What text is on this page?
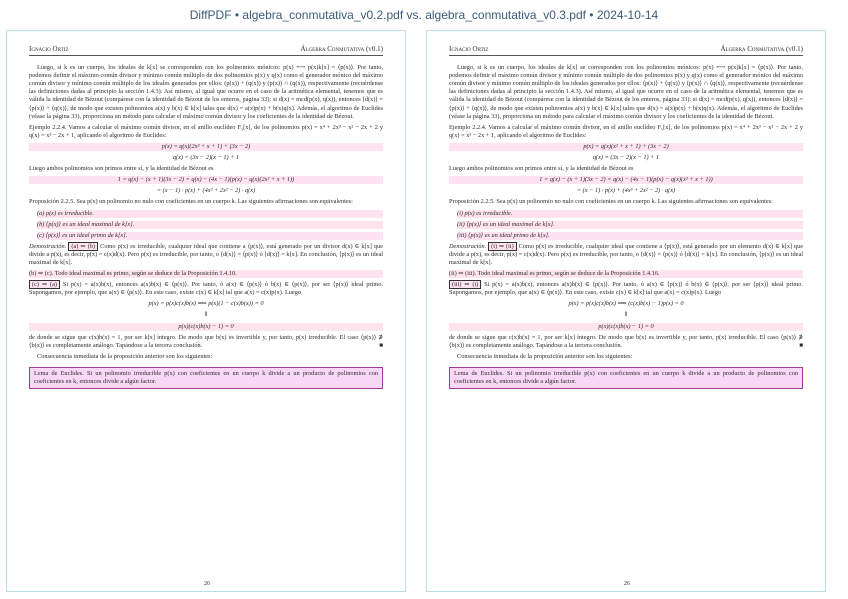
DiffPDF • algebra_conmutativa_v0.2.pdf vs. algebra_conmutativa_v0.3.pdf • 2024-10-14
Ignacio Ortiz	Álgebra Conmutativa (v0.1)

Luego, si k es un cuerpo, los ideales de k[x] se corresponden con los polinomios mónicos: p(x) ⟷ p(x)k[x] = ⟨p(x)⟩. Por tanto, podemos definir el máximo común divisor y mínimo común múltiplo de dos polinomios p(x) y q(x) como el generador mónico del máximo común divisor y mínimo común múltiplo de los ideales generados por ellos: (p(x)) + (q(x)) y (p(x)) ∩ (q(x)), respectivamente (recuérdense las definiciones dadas al principio la sección 1.4.3). Así mismo, al igual que ocurre en el caso de la aritmética elemental, tenemos que es válida la identidad de Bézout (compárese con la identidad de Bézout de los enteros, página 33): si d(x) = mcd(p(x), q(x)), entonces ⟨d(x)⟩ = ⟨p(x)⟩ + ⟨q(x)⟩, de modo que existen polinomios a(x) y b(x) ∈ k[x] tales que d(x) = a(x)p(x) + b(x)q(x). Además, el algoritmo de Euclides (véase la página 33), proporciona un método para calcular el máximo común divisor y los coeficientes de la identidad de Bézout.

Ejemplo 2.2.4. Vamos a calcular el máximo común divisor, en el anillo euclídeo F₅[x], de los polinomios p(x) = x⁴ + 2x³ − x² − 2x + 2 y q(x) = x³ − 2x + 1, aplicando el algoritmo de Euclides:

p(x) = q(x)(2x² + x + 1) + (3x − 2)
q(x) = (3x − 2)(x − 1) + 1

Luego ambos polinomios son primos entre sí, y la identidad de Bézout es

1 = q(x) − (x + 1)(3x − 2) = q(x) − (4x − 1)(p(x) − q(x)(2x² + x + 1))
= (x − 1) · p(x) + (4x³ + 2x² − 2) · q(x)

Proposición 2.2.5. Sea p(x) un polinomio no nulo con coeficientes en un cuerpo k. Las siguientes afirmaciones son equivalentes:

(a) p(x) es irreducible.
(b) ⟨p(x)⟩ es un ideal maximal de k[x].
(c) ⟨p(x)⟩ es un ideal primo de k[x].

Demostración. (a) ⇒ (b) Como p(x) es irreducible, cualquier ideal que contiene a ⟨p(x)⟩, está generado por un divisor d(x) ∈ k[x] que divide a p(x), es decir, p(x) = c(x)d(x). Pero p(x) es irreducible, por tanto, o ⟨d(x)⟩ = ⟨p(x)⟩ ó ⟨d(x)⟩ = k[x]. En conclusión, ⟨p(x)⟩ es un ideal maximal de k[x].

(b) ⇒ (c). Todo ideal maximal es primo, según se deduce de la Proposición 1.4.10.

(c) ⇒ (a) Si p(x) = a(x)b(x), entonces a(x)b(x) ∈ ⟨p(x)⟩. Por tanto, ó a(x) ∈ ⟨p(x)⟩ ó b(x) ∈ ⟨p(x)⟩, por ser ⟨p(x)⟩ ideal primo. Supongamos, por ejemplo, que a(x) ∈ ⟨p(x)⟩. En este caso, existe c(x) ∈ k[x] tal que a(x) = c(x)p(x). Luego

p(x) = p(x)c(x)b(x) ⟹ p(x)(1 − c(x)b(x)) = 0
⇓
p(x)(c(x)b(x) − 1) = 0

de donde se sigue que c(x)b(x) = 1, por ser k[x] íntegro. De modo que b(x) es invertible y, por tanto, p(x) irreducible. El caso ⟨p(x)⟩ ∌ ⟨b(x)⟩ es completamente análogo. Tapándose a la tercera conclusión.	■

Consecuencia inmediata de la proposición anterior son los siguientes:

Lema de Euclides. Si un polinomio irreducible p(x) con coeficientes en un cuerpo k divide a un producto de polinomios con coeficientes en k, entonces divide a algún factor.
26
Ignacio Ortiz	Álgebra Conmutativa (v0.1)

Luego, si k es un cuerpo, los ideales de k[x] se corresponden con los polinomios mónicos: p(x) ⟷ p(x)k[x] = ⟨p(x)⟩. Por tanto, podemos definir el máximo común divisor y mínimo común múltiplo de dos polinomios p(x) y q(x) como el generador mónico del máximo común divisor y mínimo común múltiplo de los ideales generados por ellos: ⟨p(x)⟩ + ⟨q(x)⟩ y ⟨p(x)⟩ ∩ ⟨q(x)⟩, respectivamente (recuérdense las definiciones dadas al principio la sección 1.4.3). Así mismo, al igual que ocurre en el caso de la aritmética elemental, tenemos que es válida la identidad de Bézout (compárese con la identidad de Bézout de los enteros, página 33): si d(x) = mcd(p(x), q(x)), entonces ⟨d(x)⟩ = ⟨p(x)⟩ + ⟨q(x)⟩, de modo que existen polinomios a(x) y b(x) ∈ k[x] tales que d(x) = a(x)p(x) + b(x)q(x). Además, el algoritmo de Euclides (véase la página 33), proporciona un método para calcular el máximo común divisor y los coeficientes de la identidad de Bézout.

Ejemplo 2.2.4. Vamos a calcular el máximo común divisor, en el anillo euclídeo F₅[x], de los polinomios p(x) = x⁴ + 2x³ − x² − 2x + 2 y q(x) = x³ − 2x + 1, aplicando el algoritmo de Euclides:

p(x) = q(x)(x² + x + 1) + (3x − 2)
q(x) = (3x − 2)(x − 1) + 1

Luego ambos polinomios son primos entre sí, y la identidad de Bézout es

1 = q(x) − (x + 1)(3x − 2) = q(x) − (4x − 1)(p(x) − q(x)(x² + x + 1))
= (x − 1) · p(x) + (4x³ + 2x² − 2) · q(x)

Proposición 2.2.5. Sea p(x) un polinomio no nulo con coeficientes en un cuerpo k. Las siguientes afirmaciones son equivalentes:

(i) p(x) es irreducible.
(ii) ⟨p(x)⟩ es un ideal maximal de k[x].
(iii) ⟨p(x)⟩ es un ideal primo de k[x].

Demostración. (i) ⇒ (ii) Como p(x) es irreducible, cualquier ideal que contiene a ⟨p(x)⟩, está generado por un elemento d(x) ∈ k[x] que divide a p(x), es decir, p(x) = c(x)d(x). Pero p(x) es irreducible, por tanto, o ⟨d(x)⟩ = ⟨p(x)⟩ ó ⟨d(x)⟩ = k[x]. En conclusión, ⟨p(x)⟩ es un ideal maximal de k[x].

(ii) ⇒ (iii). Todo ideal maximal es primo, según se deduce de la Proposición 1.4.16.

(iii) ⇒ (i) Si p(x) = a(x)b(x), entonces a(x)b(x) ∈ ⟨p(x)⟩. Por tanto, ó a(x) ∈ ⟨p(x)⟩ ó b(x) ∈ ⟨p(x)⟩, por ser ⟨p(x)⟩ ideal primo. Supongamos, por ejemplo, que a(x) ∈ ⟨p(x)⟩. En este caso, existe c(x) ∈ k[x] tal que a(x) = c(x)p(x). Luego

p(x) = p(x)c(x)b(x) ⟹ (c(x)b(x) − 1)p(x) = 0
⇓
p(x)(c(x)b(x) − 1) = 0

de donde se sigue que c(x)b(x) = 1, por ser k[x] íntegro. De modo que b(x) es invertible y, por tanto, p(x) irreducible. El caso ⟨p(x)⟩ ∌ ⟨b(x)⟩ es completamente análogo. Tapándose a la tercera conclusión.	■

Consecuencia inmediata de la proposición anterior son los siguientes:

Lema de Euclides. Si un polinomio irreducible p(x) con coeficientes en un cuerpo k divide a un producto de polinomios con coeficientes en k, entonces divide a algún factor.
26
